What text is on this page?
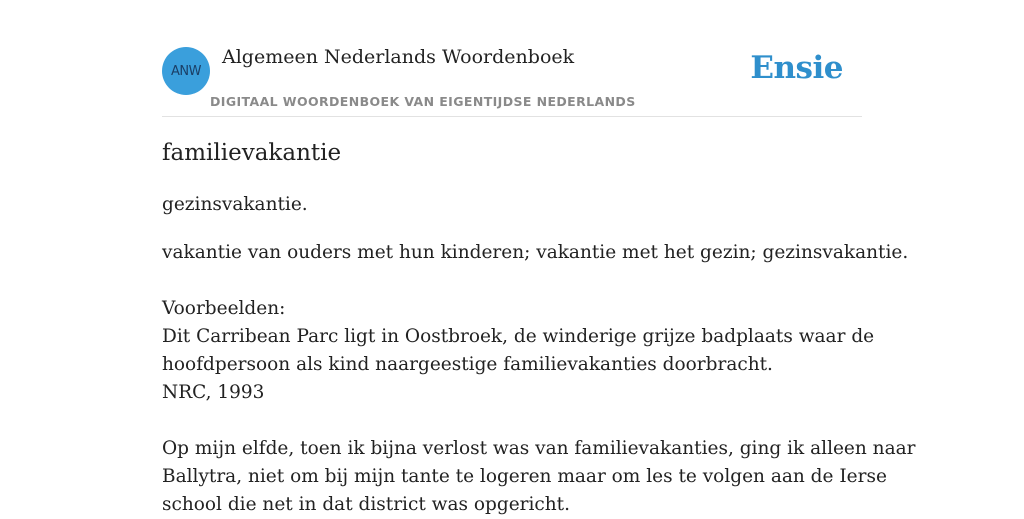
ANW
Algemeen Nederlands Woordenboek
DIGITAAL WOORDENBOEK VAN EIGENTIJDSE NEDERLANDS
Ensie
familievakantie
gezinsvakantie.
vakantie van ouders met hun kinderen; vakantie met het gezin; gezinsvakantie.
Voorbeelden:
Dit Carribean Parc ligt in Oostbroek, de winderige grijze badplaats waar de
hoofdpersoon als kind naargeestige familievakanties doorbracht.
NRC, 1993
Op mijn elfde, toen ik bijna verlost was van familievakanties, ging ik alleen naar
Ballytra, niet om bij mijn tante te logeren maar om les te volgen aan de Ierse
school die net in dat district was opgericht.
